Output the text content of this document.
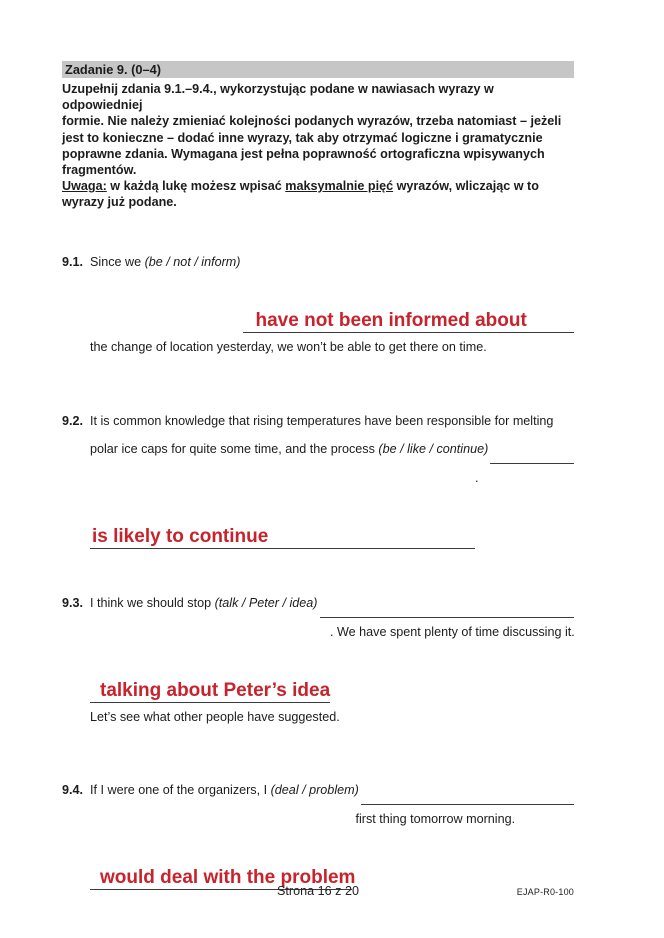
Zadanie 9. (0–4)
Uzupełnij zdania 9.1.–9.4., wykorzystując podane w nawiasach wyrazy w odpowiedniej
formie. Nie należy zmieniać kolejności podanych wyrazów, trzeba natomiast – jeżeli
jest to konieczne – dodać inne wyrazy, tak aby otrzymać logiczne i gramatycznie
poprawne zdania. Wymagana jest pełna poprawność ortograficzna wpisywanych
fragmentów.
Uwaga: w każdą lukę możesz wpisać maksymalnie pięć wyrazów, wliczając w to
wyrazy już podane.
9.1. Since we (be / not / inform)

​ have not been informed about

the change of location yesterday, we won’t be able to get there on time.
9.2. It is common knowledge that rising temperatures have been responsible for melting
polar ice caps for quite some time, and the process (be / like / continue)
​

​ is likely to continue

.
9.3. I think we should stop (talk / Peter / idea)
​

​ talking about Peter’s idea

. We have spent plenty of time discussing it.
Let’s see what other people have suggested.
9.4. If I were one of the organizers, I (deal / problem)
​

​ would deal with the problem

first thing tomorrow morning.
Strona 16 z 20	EJAP-R0-100
